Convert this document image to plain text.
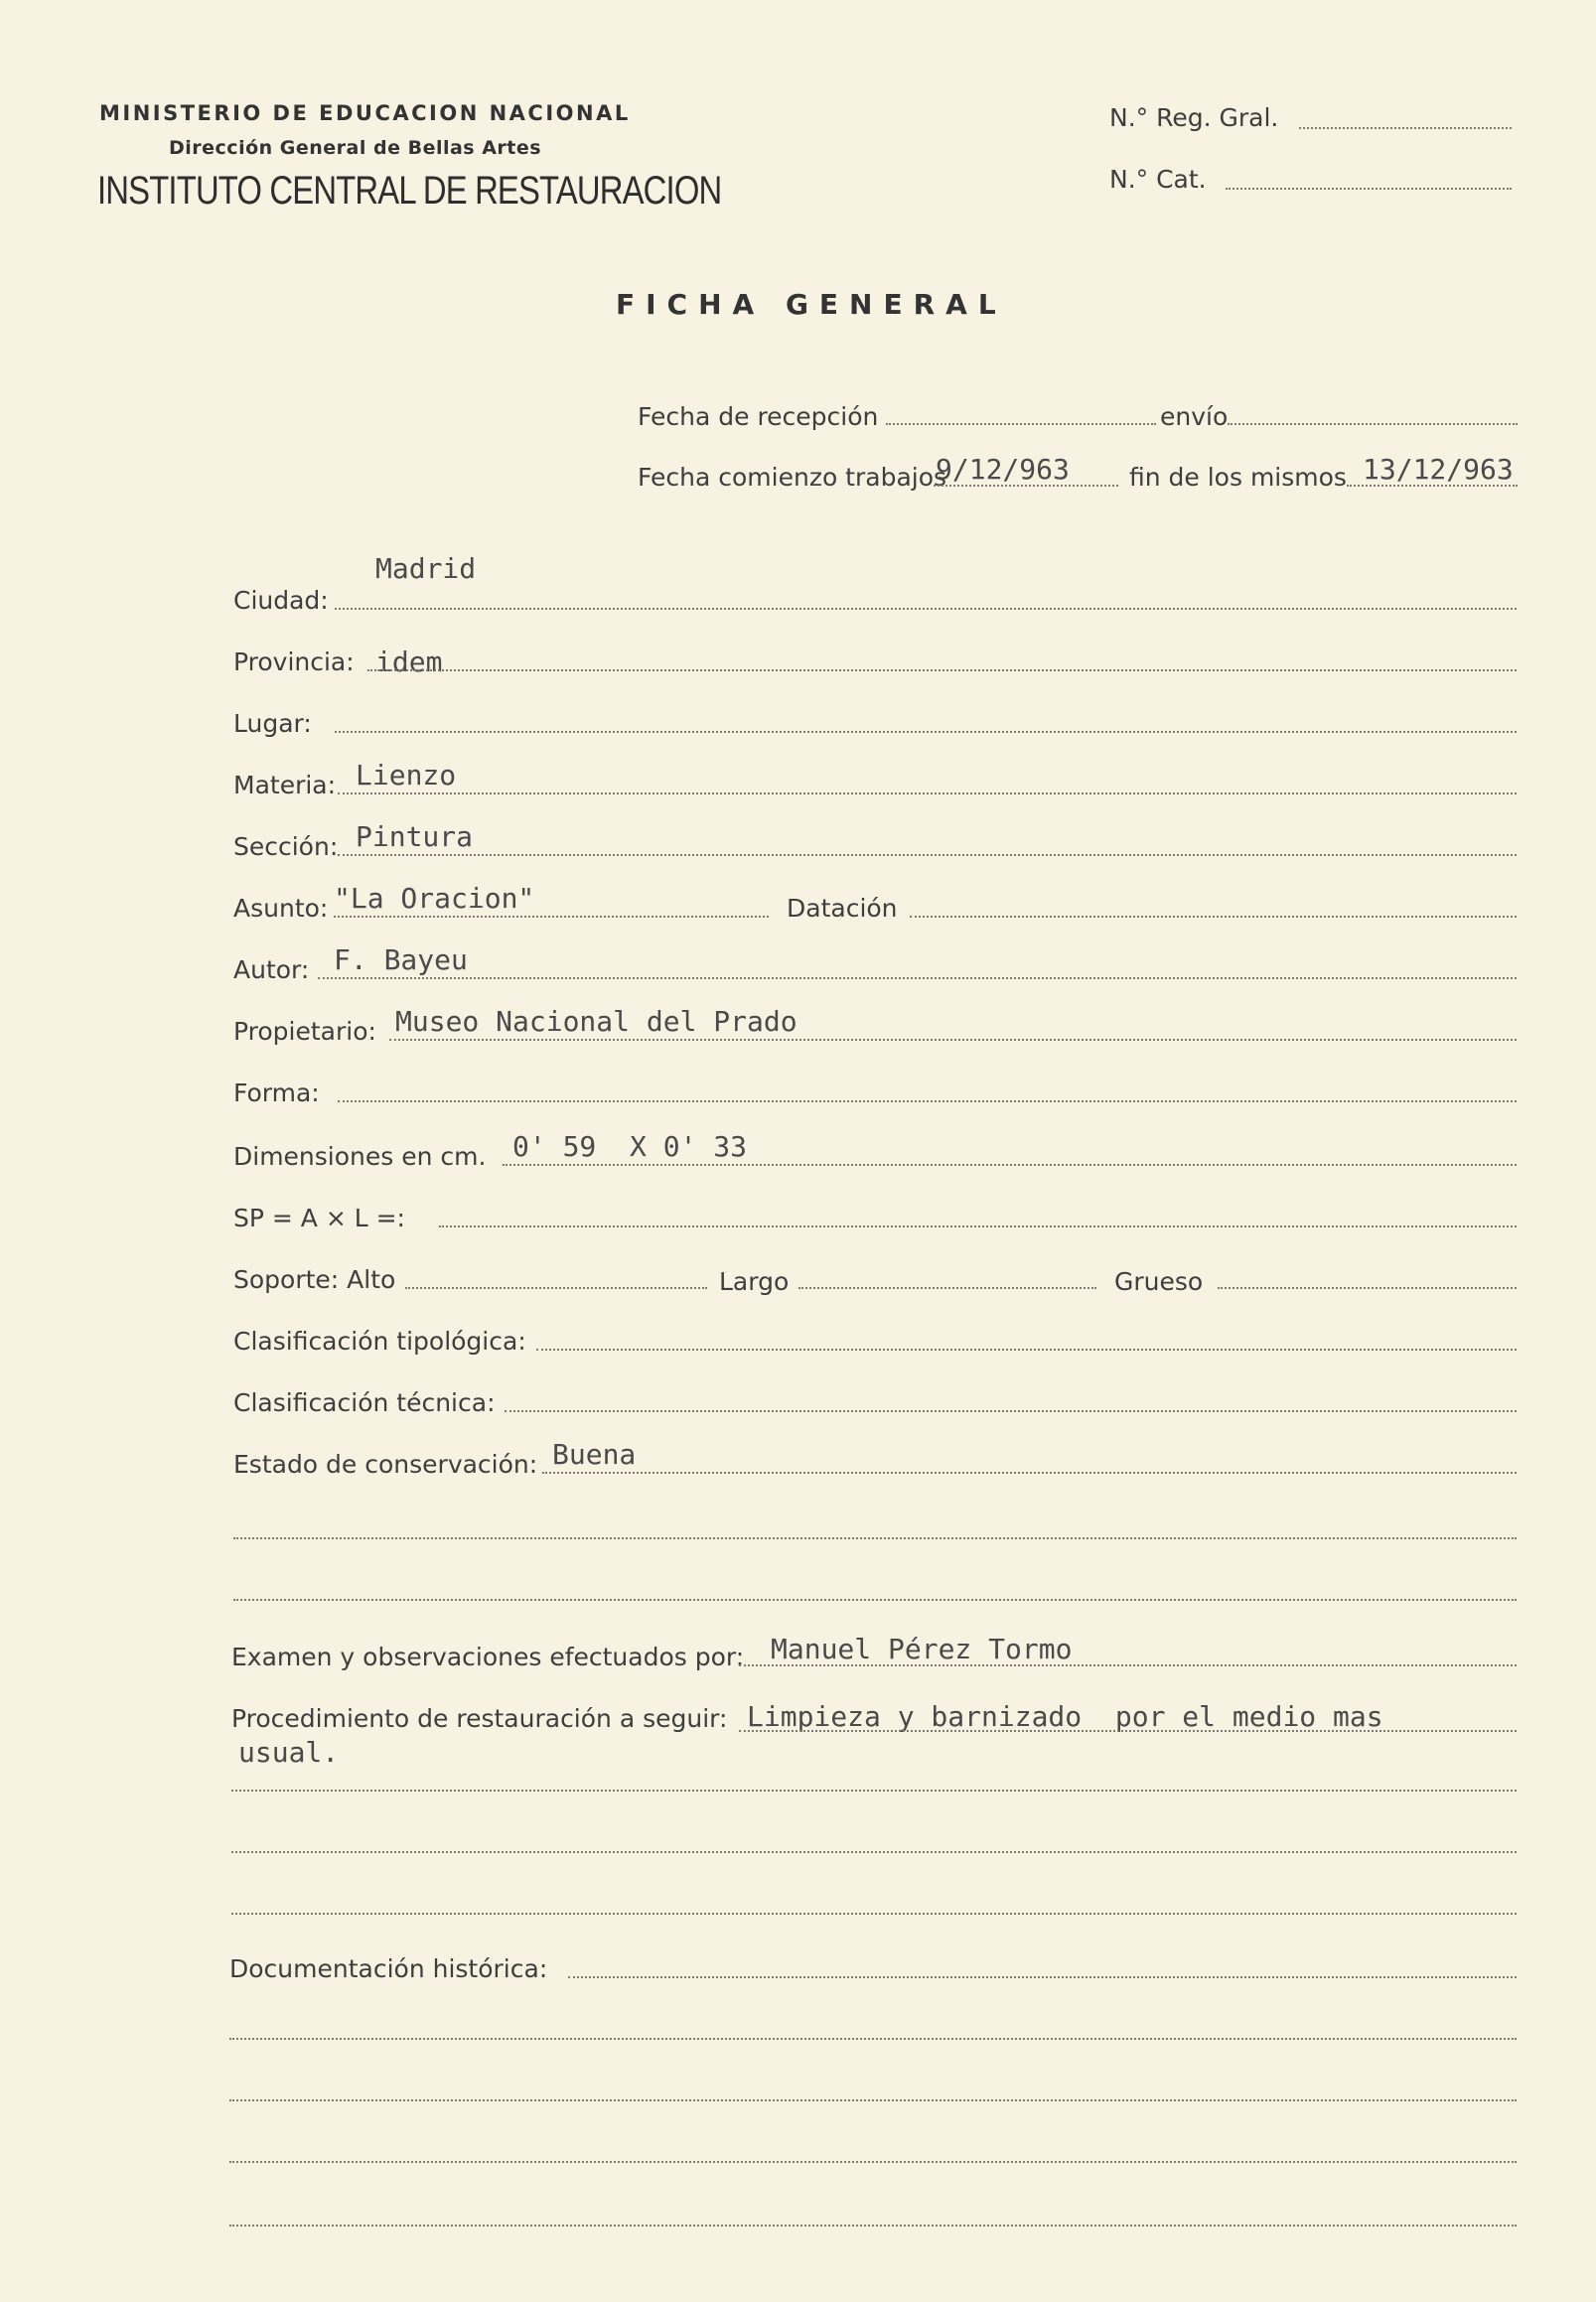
MINISTERIO DE EDUCACION NACIONAL
Dirección General de Bellas Artes
INSTITUTO CENTRAL DE RESTAURACION
N.° Reg. Gral.
N.° Cat.
FICHA GENERAL
Fecha de recepción	envío
Fecha comienzo trabajos
9/12/963 fin de los mismos 13/12/963
Madrid
Ciudad:
Provincia: idem
Lugar:
Materia: Lienzo
Sección: Pintura
Asunto: "La Oracion"	Datación
Autor: F. Bayeu
Propietario: Museo Nacional del Prado
Forma:
Dimensiones en cm. 0' 59  X 0' 33
SP = A × L =:
Soporte: Alto	Largo	Grueso
Clasificación tipológica:
Clasificación técnica:
Estado de conservación: Buena
Examen y observaciones efectuados por: Manuel Pérez Tormo
Procedimiento de restauración a seguir: Limpieza y barnizado  por el medio mas
usual.
Documentación histórica:
